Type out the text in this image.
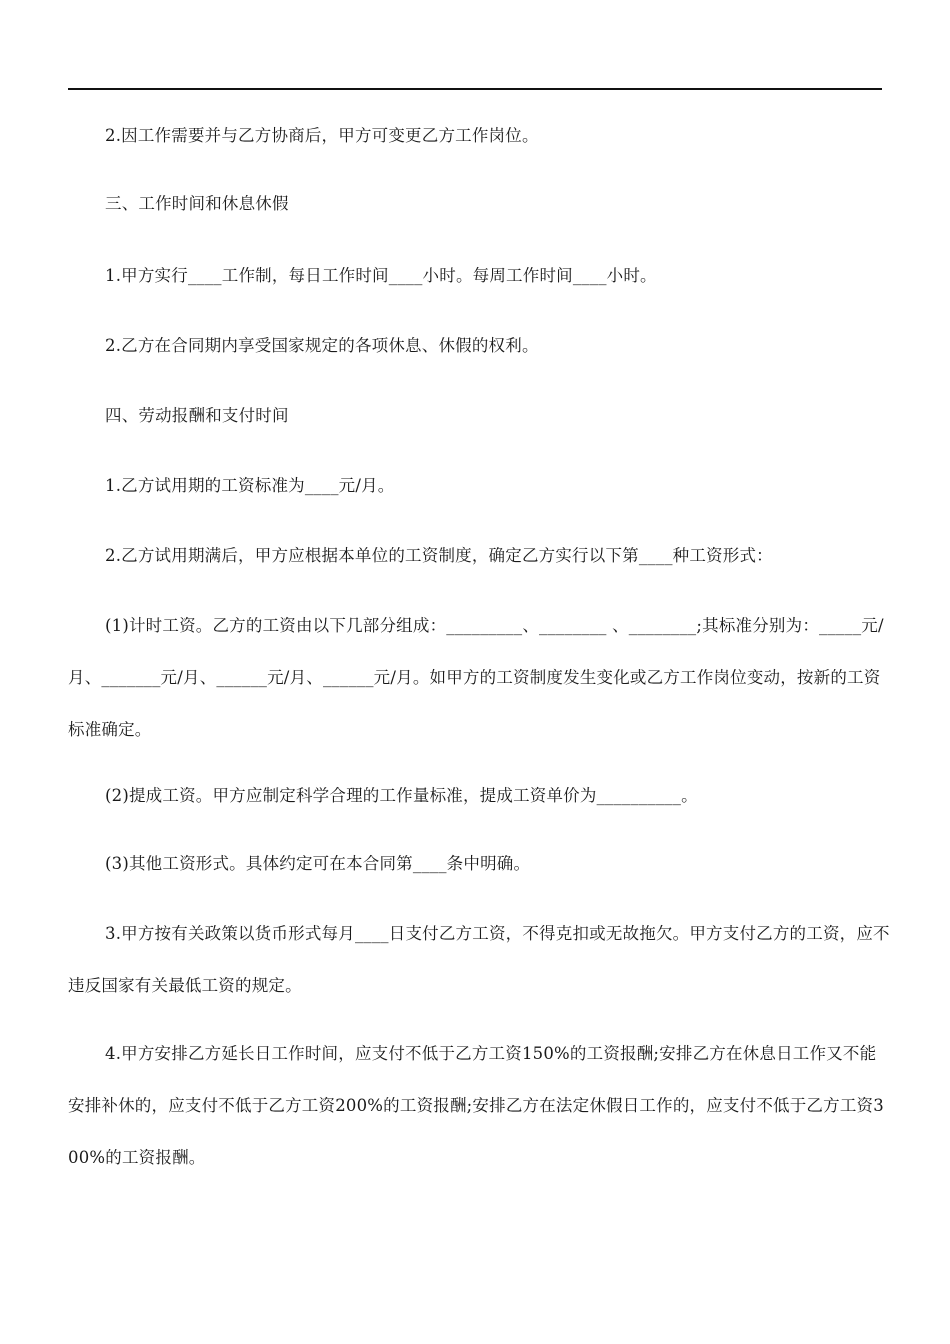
2.因工作需要并与乙方协商后，甲方可变更乙方工作岗位。

三、工作时间和休息休假

1.甲方实行____工作制，每日工作时间____小时。每周工作时间____小时。

2.乙方在合同期内享受国家规定的各项休息、休假的权利。

四、劳动报酬和支付时间

1.乙方试用期的工资标准为____元/月。

2.乙方试用期满后，甲方应根据本单位的工资制度，确定乙方实行以下第____种工资形式：

(1)计时工资。乙方的工资由以下几部分组成：_________、________ 、________;其标准分别为：_____元/月、_______元/月、______元/月、______元/月。如甲方的工资制度发生变化或乙方工作岗位变动，按新的工资标准确定。

(2)提成工资。甲方应制定科学合理的工作量标准，提成工资单价为__________。

(3)其他工资形式。具体约定可在本合同第____条中明确。

3.甲方按有关政策以货币形式每月____日支付乙方工资，不得克扣或无故拖欠。甲方支付乙方的工资，应不违反国家有关最低工资的规定。

4.甲方安排乙方延长日工作时间，应支付不低于乙方工资150%的工资报酬;安排乙方在休息日工作又不能安排补休的，应支付不低于乙方工资200%的工资报酬;安排乙方在法定休假日工作的，应支付不低于乙方工资300%的工资报酬。
